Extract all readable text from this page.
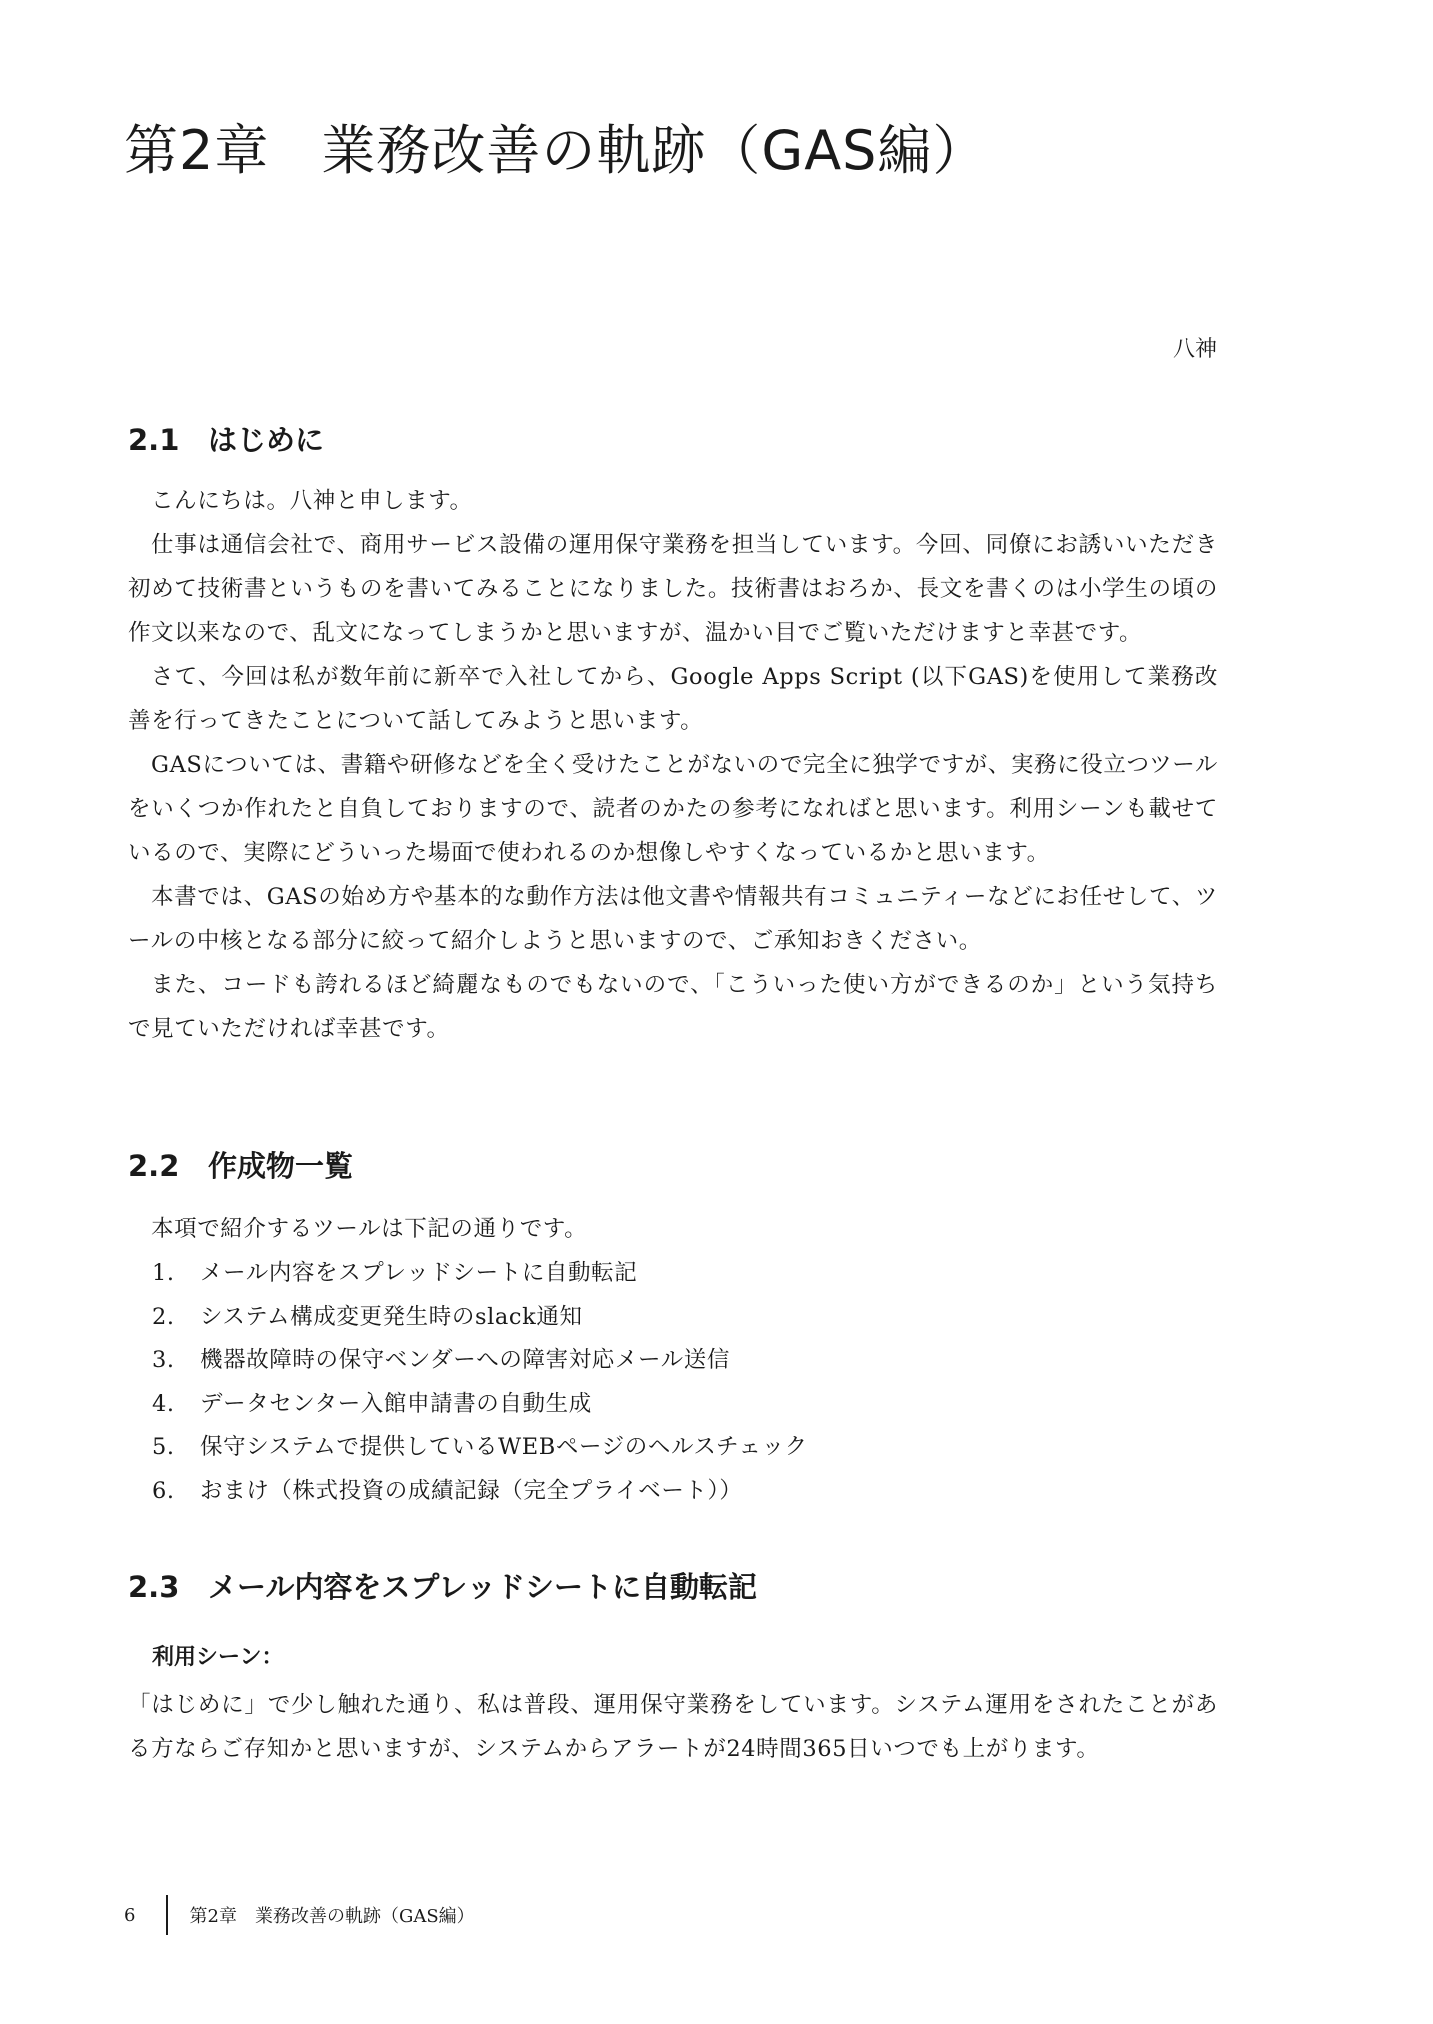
第2章 業務改善の軌跡（GAS編）

八神

2.1 はじめに
こんにちは。八神と申します。
仕事は通信会社で、商用サービス設備の運用保守業務を担当しています。今回、同僚にお誘いいただき初めて技術書というものを書いてみることになりました。技術書はおろか、長文を書くのは小学生の頃の作文以来なので、乱文になってしまうかと思いますが、温かい目でご覧いただけますと幸甚です。
さて、今回は私が数年前に新卒で入社してから、Google Apps Script (以下GAS)を使用して業務改善を行ってきたことについて話してみようと思います。
GASについては、書籍や研修などを全く受けたことがないので完全に独学ですが、実務に役立つツールをいくつか作れたと自負しておりますので、読者のかたの参考になればと思います。利用シーンも載せているので、実際にどういった場面で使われるのか想像しやすくなっているかと思います。
本書では、GASの始め方や基本的な動作方法は他文書や情報共有コミュニティーなどにお任せして、ツールの中核となる部分に絞って紹介しようと思いますので、ご承知おきください。
また、コードも誇れるほど綺麗なものでもないので、「こういった使い方ができるのか」という気持ちで見ていただければ幸甚です。
2.2 作成物一覧

本項で紹介するツールは下記の通りです。

1. メール内容をスプレッドシートに自動転記
2. システム構成変更発生時のslack通知
3. 機器故障時の保守ベンダーへの障害対応メール送信
4. データセンター入館申請書の自動生成
5. 保守システムで提供しているWEBページのヘルスチェック
6. おまけ（株式投資の成績記録（完全プライベート））
2.3 メール内容をスプレッドシートに自動転記

利用シーン：

「はじめに」で少し触れた通り、私は普段、運用保守業務をしています。システム運用をされたことがある方ならご存知かと思いますが、システムからアラートが24時間365日いつでも上がります。

6	第2章　業務改善の軌跡（GAS編）
